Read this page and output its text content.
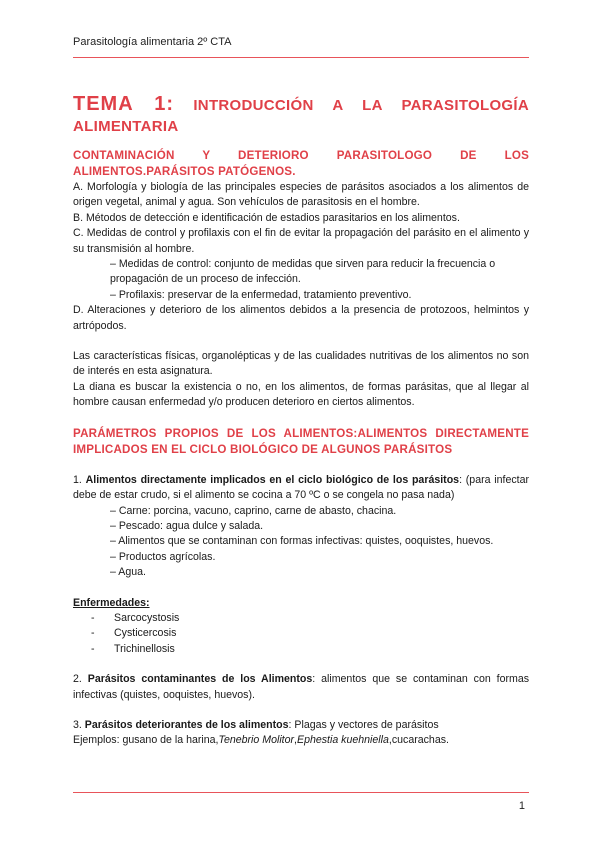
Parasitología alimentaria 2º CTA
TEMA 1: INTRODUCCIÓN A LA PARASITOLOGÍA ALIMENTARIA
CONTAMINACIÓN Y DETERIORO PARASITOLOGO DE LOS ALIMENTOS.PARÁSITOS PATÓGENOS.

A. Morfología y biología de las principales especies de parásitos asociados a los alimentos de origen vegetal, animal y agua. Son vehículos de parasitosis en el hombre.

B. Métodos de detección e identificación de estadios parasitarios en los alimentos.

C. Medidas de control y profilaxis con el fin de evitar la propagación del parásito en el alimento y su transmisión al hombre.

– Medidas de control: conjunto de medidas que sirven para reducir la frecuencia o propagación de un proceso de infección.
– Profilaxis: preservar de la enfermedad, tratamiento preventivo.

D. Alteraciones y deterioro de los alimentos debidos a la presencia de protozoos, helmintos y artrópodos.

Las características físicas, organolépticas y de las cualidades nutritivas de los alimentos no son de interés en esta asignatura.

La diana es buscar la existencia o no, en los alimentos, de formas parásitas, que al llegar al hombre causan enfermedad y/o producen deterioro en ciertos alimentos.

PARÁMETROS PROPIOS DE LOS ALIMENTOS:ALIMENTOS DIRECTAMENTE IMPLICADOS EN EL CICLO BIOLÓGICO DE ALGUNOS PARÁSITOS

1. Alimentos directamente implicados en el ciclo biológico de los parásitos: (para infectar debe de estar crudo, si el alimento se cocina a 70 ºC o se congela no pasa nada)

– Carne: porcina, vacuno, caprino, carne de abasto, chacina.
– Pescado: agua dulce y salada.
– Alimentos que se contaminan con formas infectivas: quistes, ooquistes, huevos.
– Productos agrícolas.
– Agua.

Enfermedades:

- Sarcocystosis
- Cysticercosis
- Trichinellosis

2. Parásitos contaminantes de los Alimentos: alimentos que se contaminan con formas infectivas (quistes, ooquistes, huevos).

3. Parásitos deteriorantes de los alimentos: Plagas y vectores de parásitos

Ejemplos: gusano de la harina,Tenebrio Molitor,Ephestia kuehniella,cucarachas.

1
